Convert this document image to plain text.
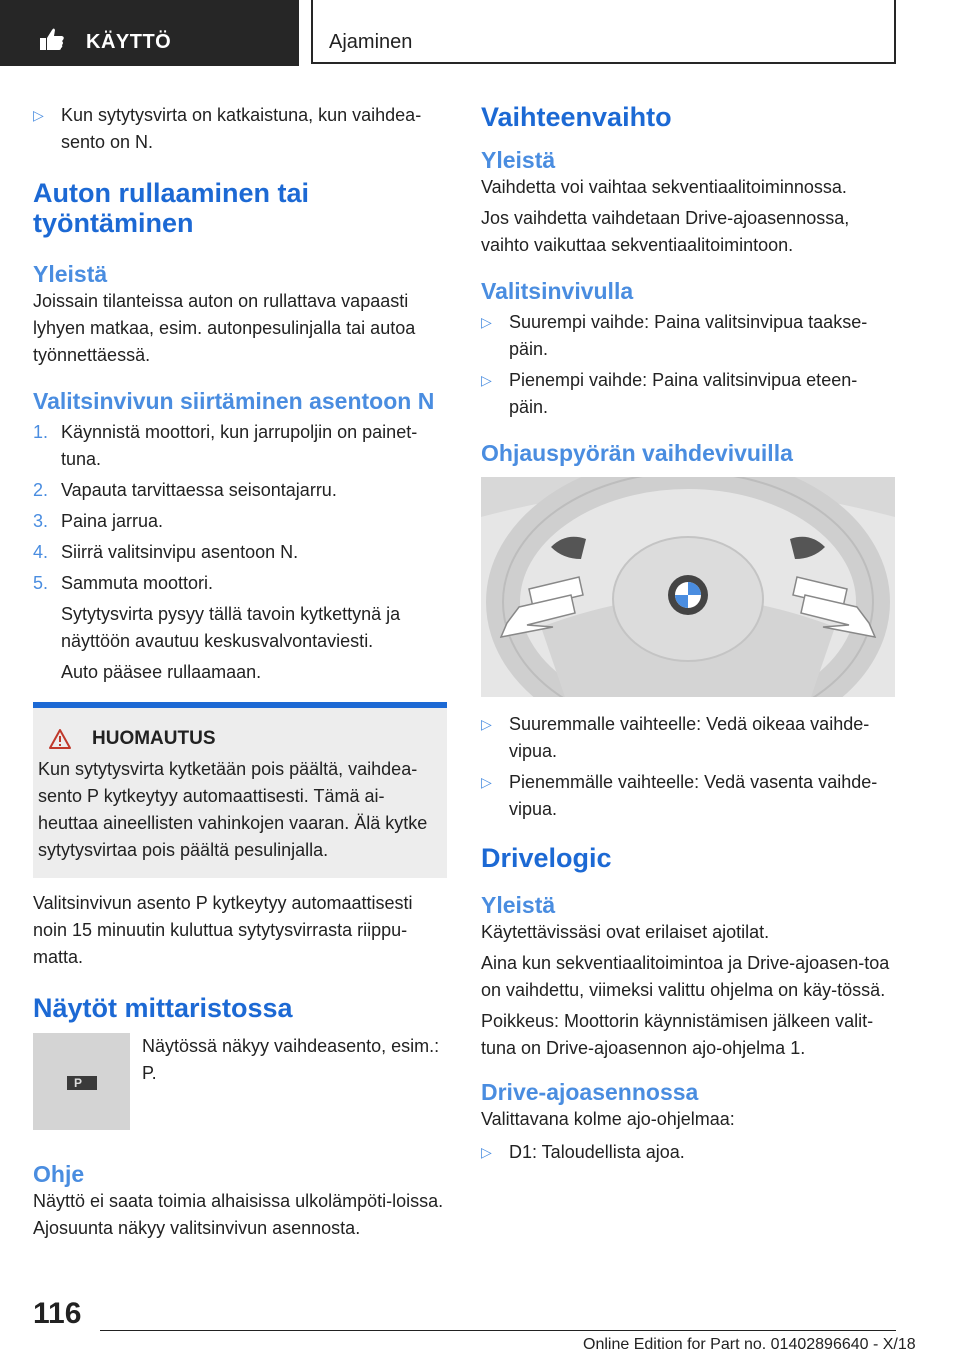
KÄYTTÖ	Ajaminen
▷ Kun sytytysvirta on katkaistuna, kun vaihdea-sento on N.
Auton rullaaminen tai
työntäminen
Yleistä

Joissain tilanteissa auton on rullattava vapaasti lyhyen matkaa, esim. autonpesulinjalla tai autoa työnnettäessä.

Valitsinvivun siirtäminen asentoon N
1. Käynnistä moottori, kun jarrupoljin on painet-tuna.
2. Vapauta tarvittaessa seisontajarru.
3. Paina jarrua.
4. Siirrä valitsinvipu asentoon N.
5. Sammuta moottori.

Sytytysvirta pysyy tällä tavoin kytkettynä ja näyttöön avautuu keskusvalvontaviesti.

Auto pääsee rullaamaan.

HUOMAUTUS

Kun sytytysvirta kytketään pois päältä, vaihdea-sento P kytkeytyy automaattisesti. Tämä ai-heuttaa aineellisten vahinkojen vaaran. Älä kytke sytytysvirtaa pois päältä pesulinjalla.

Valitsinvivun asento P kytkeytyy automaattisesti noin 15 minuutin kuluttua sytytysvirrasta riippu-matta.

Näytöt mittaristossa
P

Näytössä näkyy vaihdeasento, esim.: P.

Ohje

Näyttö ei saata toimia alhaisissa ulkolämpöti-loissa. Ajosuunta näkyy valitsinvivun asennosta.

Vaihteenvaihto
Yleistä

Vaihdetta voi vaihtaa sekventiaalitoiminnossa.

Jos vaihdetta vaihdetaan Drive-ajoasennossa, vaihto vaikuttaa sekventiaalitoimintoon.

Valitsinvivulla
▷ Suurempi vaihde: Paina valitsinvipua taakse-päin.
▷ Pienempi vaihde: Paina valitsinvipua eteen-päin.
Ohjauspyörän vaihdevivuilla
▷ Suuremmalle vaihteelle: Vedä oikeaa vaihde-vipua.
▷ Pienemmälle vaihteelle: Vedä vasenta vaihde-vipua.
Drivelogic
Yleistä

Käytettävissäsi ovat erilaiset ajotilat.

Aina kun sekventiaalitoimintoa ja Drive-ajoasen-toa on vaihdettu, viimeksi valittu ohjelma on käy-tössä.

Poikkeus: Moottorin käynnistämisen jälkeen valit-tuna on Drive-ajoasennon ajo-ohjelma 1.

Drive-ajoasennossa

Valittavana kolme ajo-ohjelmaa:

▷ D1: Taloudellista ajoa.
116
Online Edition for Part no. 01402896640 - X/18
